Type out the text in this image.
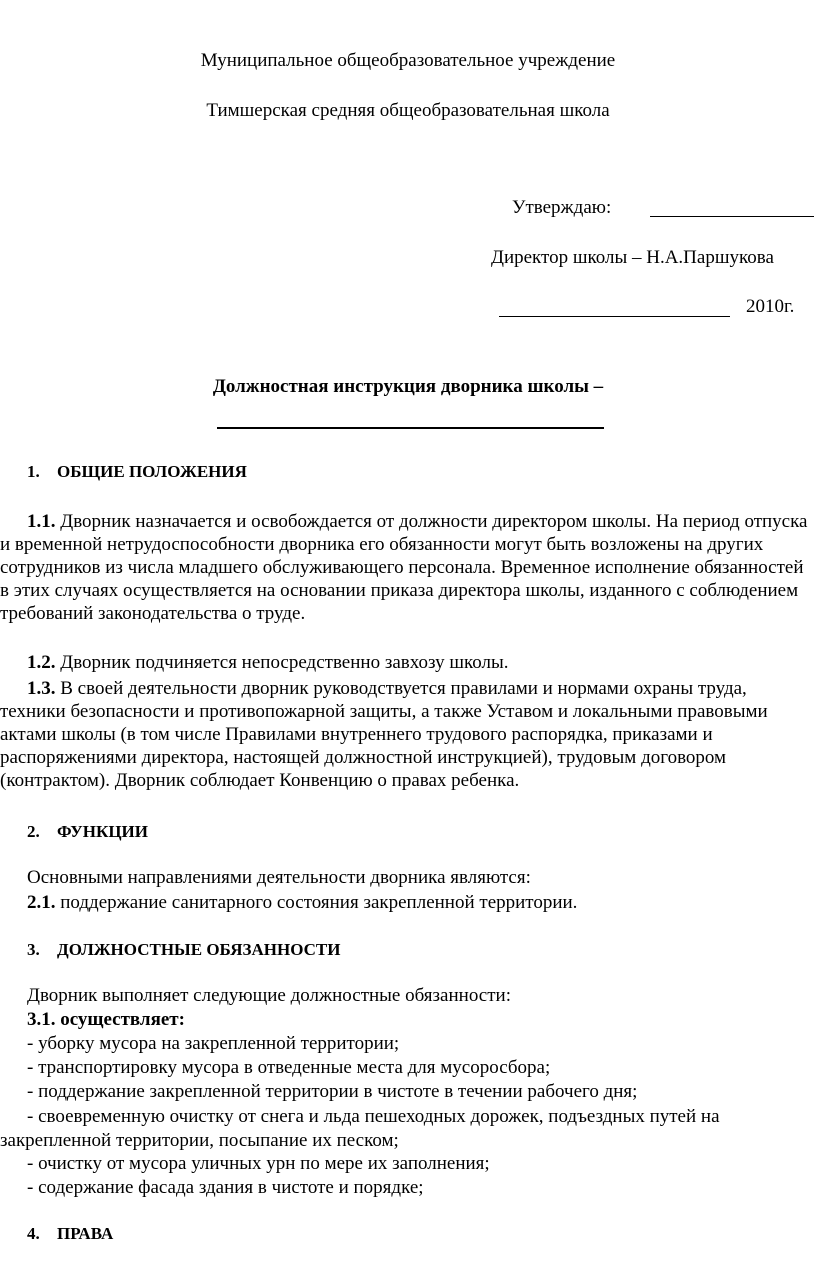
Муниципальное общеобразовательное учреждение
Тимшерская средняя общеобразовательная школа
Утверждаю:
Директор школы – Н.А.Паршукова
2010г.
Должностная инструкция дворника школы –
1. ОБЩИЕ ПОЛОЖЕНИЯ
1.1. Дворник назначается и освобождается от должности директором школы. На период отпуска и временной нетрудоспособности дворника его обязанности могут быть возложены на других сотрудников из числа младшего обслуживающего персонала. Временное исполнение обязанностей в этих случаях осуществляется на основании приказа директора школы, изданного с соблюдением требований законодательства о труде.
1.2. Дворник подчиняется непосредственно завхозу школы.
1.3. В своей деятельности дворник руководствуется правилами и нормами охраны труда, техники безопасности и противопожарной защиты, а также Уставом и локальными правовыми актами школы (в том числе Правилами внутреннего трудового распорядка, приказами и распоряжениями директора, настоящей должностной инструкцией), трудовым договором (контрактом). Дворник соблюдает Конвенцию о правах ребенка.
2. ФУНКЦИИ
Основными направлениями деятельности дворника являются:
2.1. поддержание санитарного состояния закрепленной территории.
3. ДОЛЖНОСТНЫЕ ОБЯЗАННОСТИ
Дворник выполняет следующие должностные обязанности:
3.1. осуществляет:
- уборку мусора на закрепленной территории;
- транспортировку мусора в отведенные места для мусоросбора;
- поддержание закрепленной территории в чистоте в течении рабочего дня;
- своевременную очистку от снега и льда пешеходных дорожек, подъездных путей на закрепленной территории, посыпание их песком;
- очистку от мусора уличных урн по мере их заполнения;
- содержание фасада здания в чистоте и порядке;
4. ПРАВА
